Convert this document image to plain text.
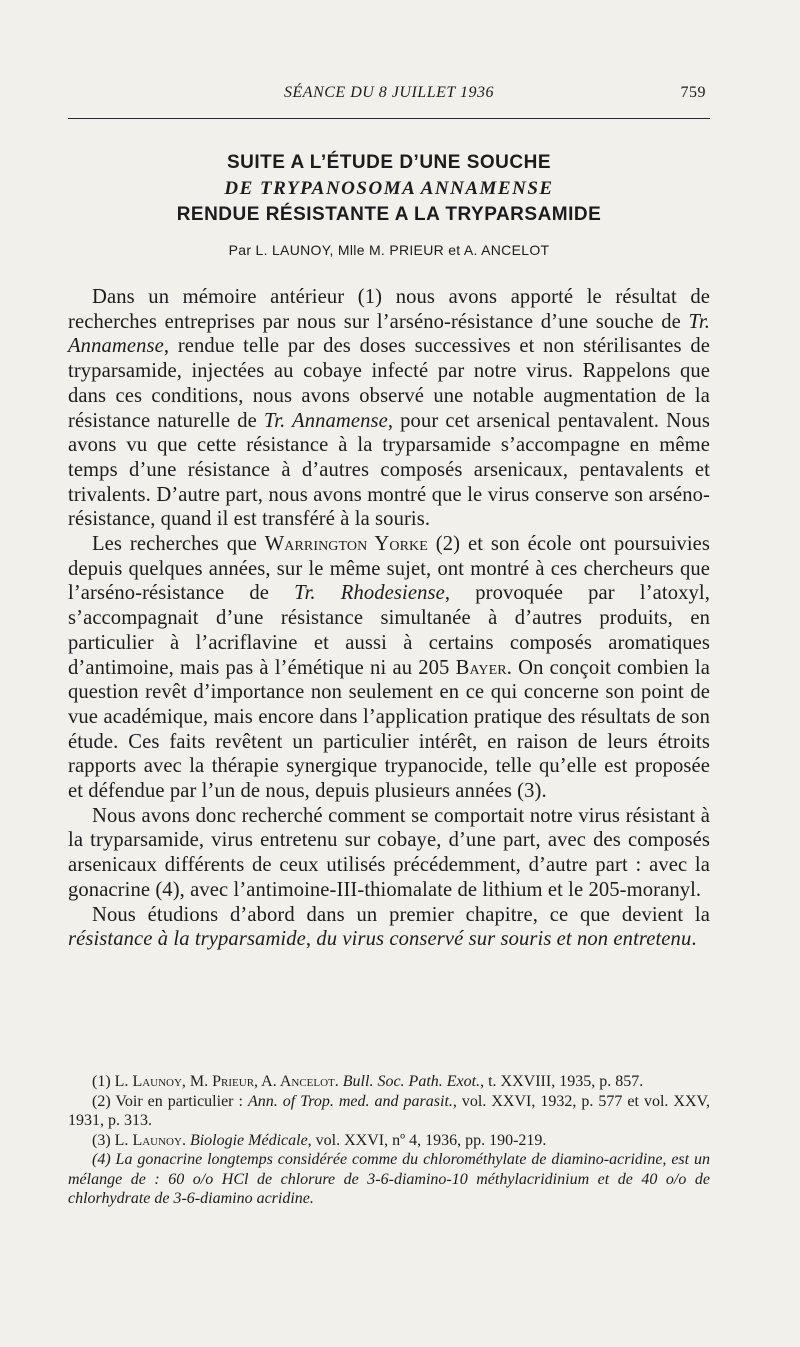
SÉANCE DU 8 JUILLET 1936	759
SUITE A L’ÉTUDE D’UNE SOUCHE
DE TRYPANOSOMA ANNAMENSE
RENDUE RÉSISTANTE A LA TRYPARSAMIDE
Par L. LAUNOY, Mlle M. PRIEUR et A. ANCELOT

Dans un mémoire antérieur (1) nous avons apporté le résultat de recherches entreprises par nous sur l’arséno-résistance d’une souche de Tr. Annamense, rendue telle par des doses successives et non stérilisantes de tryparsamide, injectées au cobaye infecté par notre virus. Rappelons que dans ces conditions, nous avons observé une notable augmentation de la résistance naturelle de Tr. Annamense, pour cet arsenical pentavalent. Nous avons vu que cette résistance à la tryparsamide s’accompagne en même temps d’une résistance à d’autres composés arsenicaux, pentavalents et trivalents. D’autre part, nous avons montré que le virus conserve son arséno-résistance, quand il est transféré à la souris.

Les recherches que Warrington Yorke (2) et son école ont poursuivies depuis quelques années, sur le même sujet, ont montré à ces chercheurs que l’arséno-résistance de Tr. Rhodesiense, provoquée par l’atoxyl, s’accompagnait d’une résistance simultanée à d’autres produits, en particulier à l’acriflavine et aussi à certains composés aromatiques d’antimoine, mais pas à l’émétique ni au 205 Bayer. On conçoit combien la question revêt d’importance non seulement en ce qui concerne son point de vue académique, mais encore dans l’application pratique des résultats de son étude. Ces faits revêtent un particulier intérêt, en raison de leurs étroits rapports avec la thérapie synergique trypanocide, telle qu’elle est proposée et défendue par l’un de nous, depuis plusieurs années (3).

Nous avons donc recherché comment se comportait notre virus résistant à la tryparsamide, virus entretenu sur cobaye, d’une part, avec des composés arsenicaux différents de ceux utilisés précédemment, d’autre part : avec la gonacrine (4), avec l’antimoine-III-thiomalate de lithium et le 205-moranyl.

Nous étudions d’abord dans un premier chapitre, ce que devient la résistance à la tryparsamide, du virus conservé sur souris et non entretenu.

(1) L. Launoy, M. Prieur, A. Ancelot. Bull. Soc. Path. Exot., t. XXVIII, 1935, p. 857.

(2) Voir en particulier : Ann. of Trop. med. and parasit., vol. XXVI, 1932, p. 577 et vol. XXV, 1931, p. 313.

(3) L. Launoy. Biologie Médicale, vol. XXVI, nº 4, 1936, pp. 190-219.

(4) La gonacrine longtemps considérée comme du chlorométhylate de diamino-acridine, est un mélange de : 60 o/o HCl de chlorure de 3-6-diamino-10 méthylacridinium et de 40 o/o de chlorhydrate de 3-6-diamino acridine.
